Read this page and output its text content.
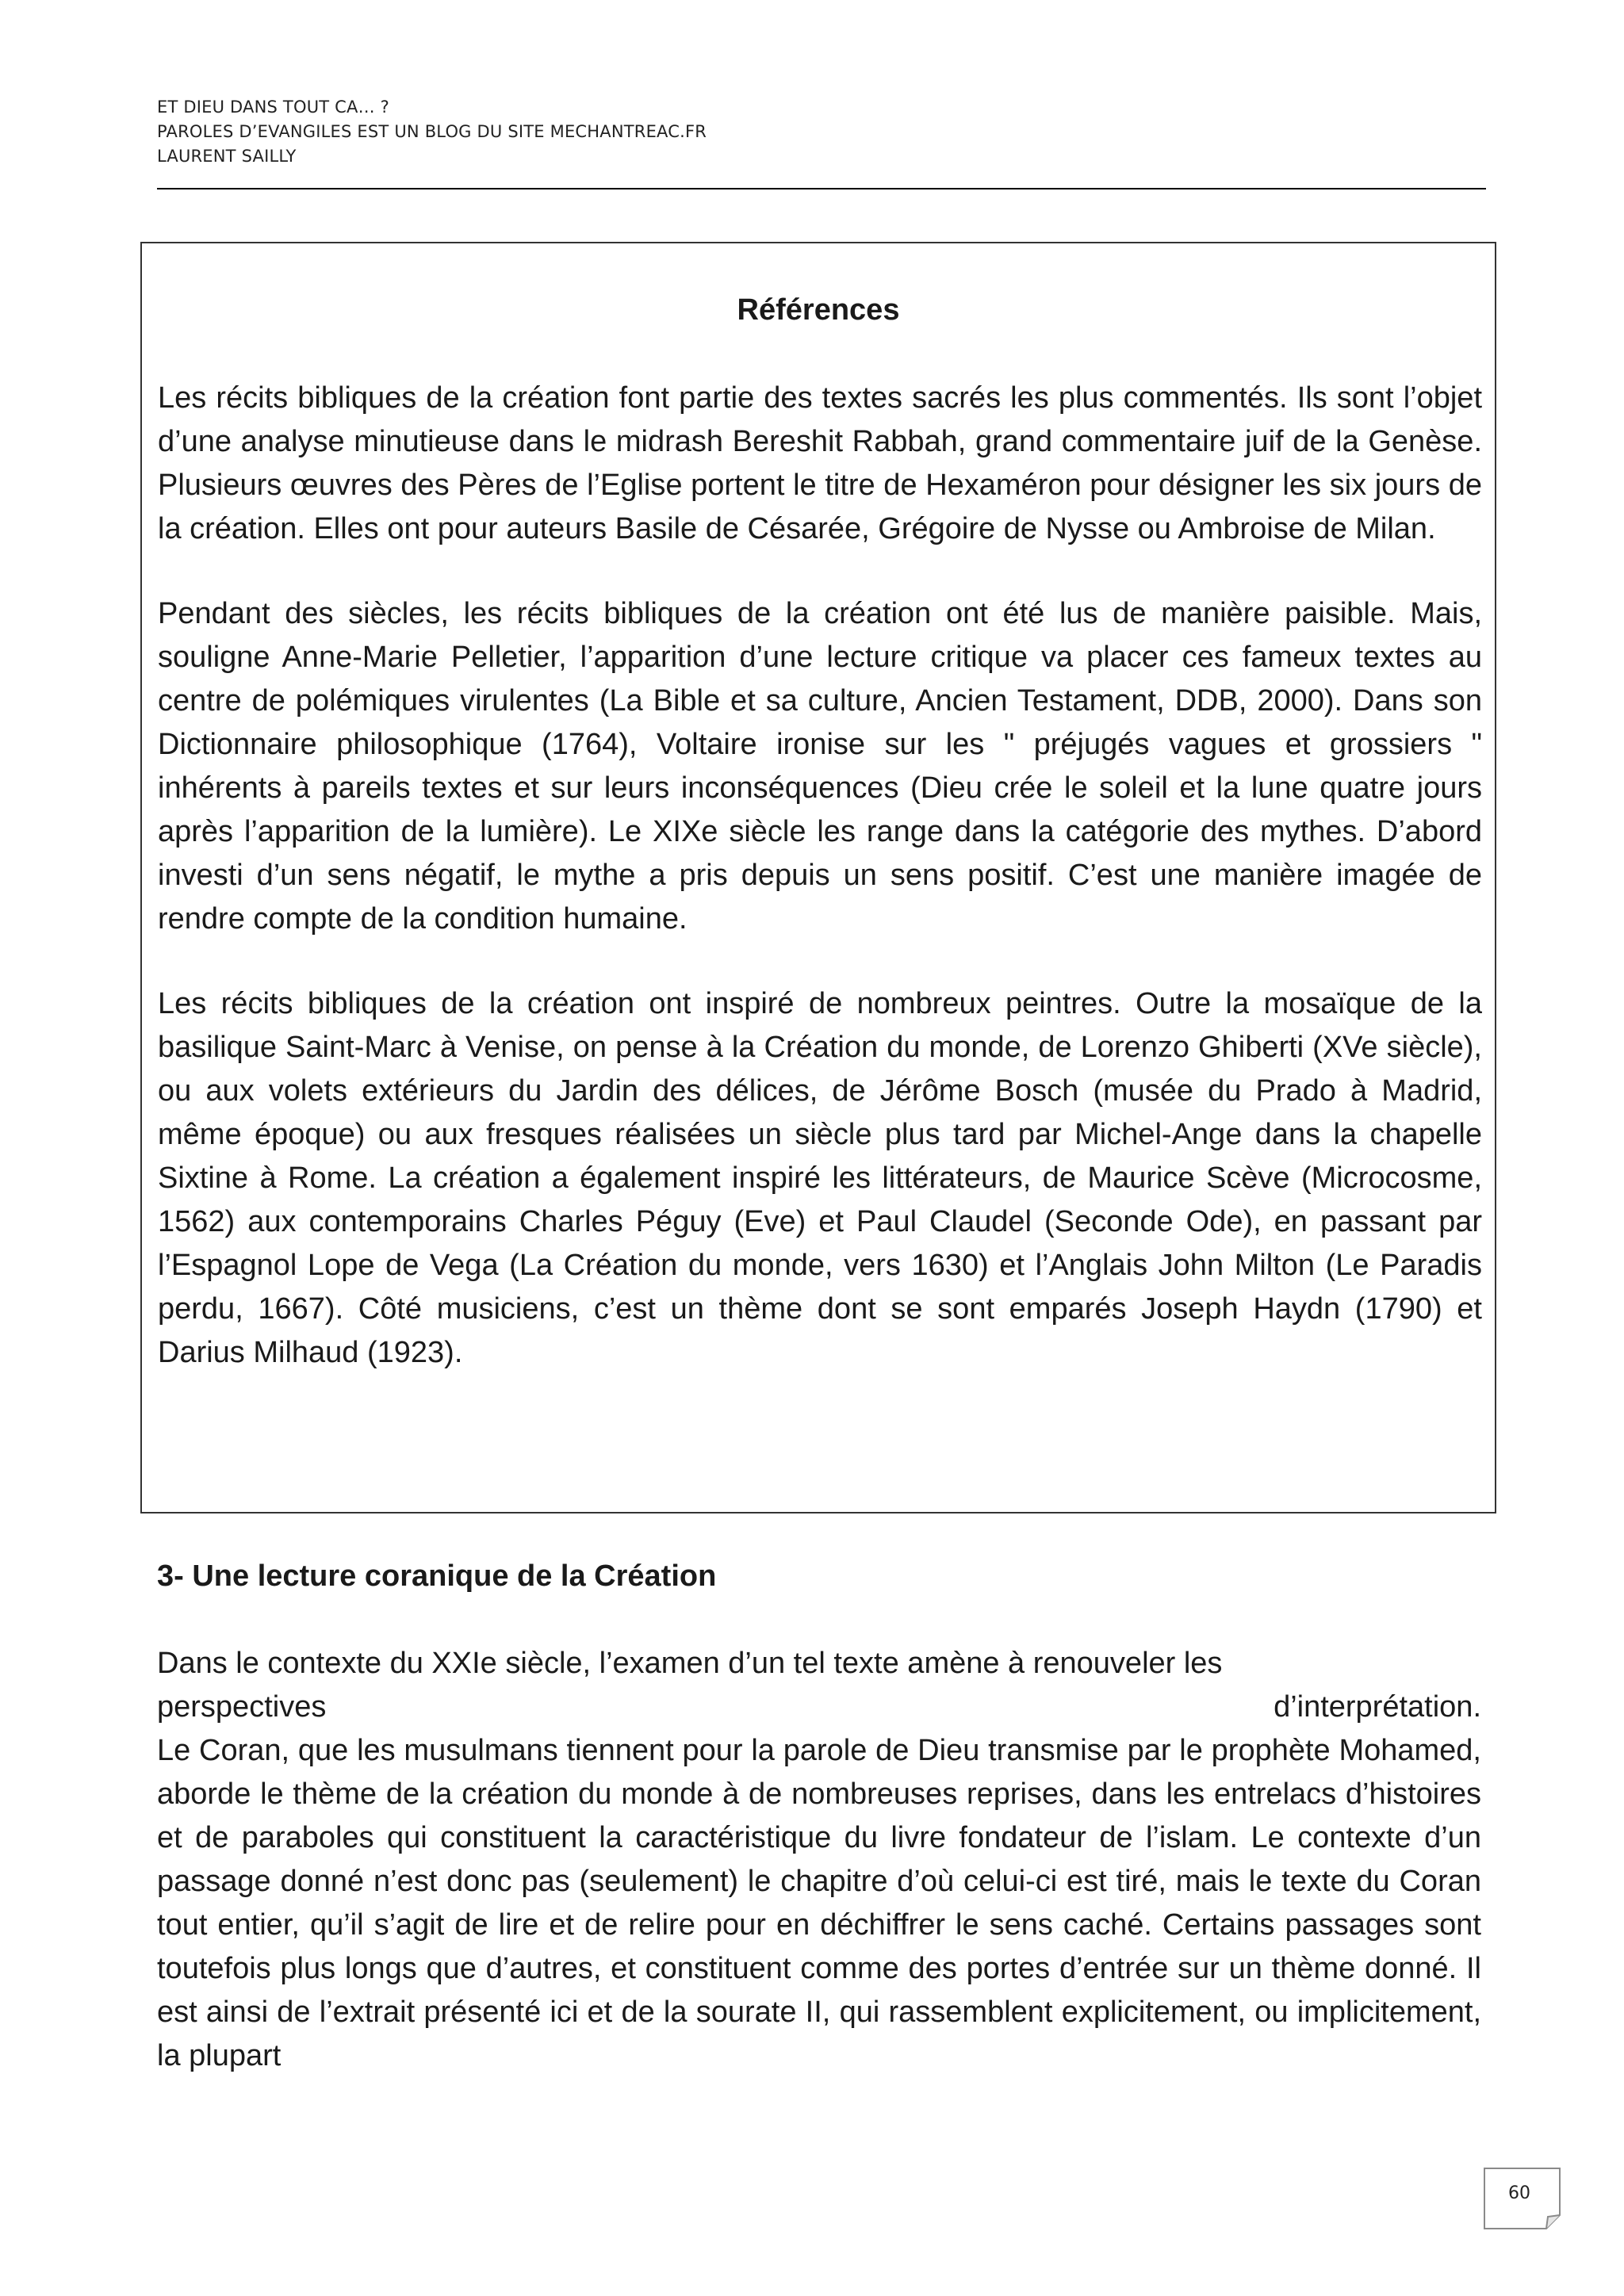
ET DIEU DANS TOUT CA… ?
PAROLES D’EVANGILES EST UN BLOG DU SITE MECHANTREAC.FR
LAURENT SAILLY
Références

Les récits bibliques de la création font partie des textes sacrés les plus commentés. Ils sont l’objet d’une analyse minutieuse dans le midrash Bereshit Rabbah, grand commentaire juif de la Genèse. Plusieurs œuvres des Pères de l’Eglise portent le titre de Hexaméron pour désigner les six jours de la création. Elles ont pour auteurs Basile de Césarée, Grégoire de Nysse ou Ambroise de Milan.

Pendant des siècles, les récits bibliques de la création ont été lus de manière paisible. Mais, souligne Anne-Marie Pelletier, l’apparition d’une lecture critique va placer ces fameux textes au centre de polémiques virulentes (La Bible et sa culture, Ancien Testament, DDB, 2000). Dans son Dictionnaire philosophique (1764), Voltaire ironise sur les " préjugés vagues et grossiers " inhérents à pareils textes et sur leurs inconséquences (Dieu crée le soleil et la lune quatre jours après l’apparition de la lumière). Le XIXe siècle les range dans la catégorie des mythes. D’abord investi d’un sens négatif, le mythe a pris depuis un sens positif. C’est une manière imagée de rendre compte de la condition humaine.

Les récits bibliques de la création ont inspiré de nombreux peintres. Outre la mosaïque de la basilique Saint-Marc à Venise, on pense à la Création du monde, de Lorenzo Ghiberti (XVe siècle), ou aux volets extérieurs du Jardin des délices, de Jérôme Bosch (musée du Prado à Madrid, même époque) ou aux fresques réalisées un siècle plus tard par Michel-Ange dans la chapelle Sixtine à Rome. La création a également inspiré les littérateurs, de Maurice Scève (Microcosme, 1562) aux contemporains Charles Péguy (Eve) et Paul Claudel (Seconde Ode), en passant par l’Espagnol Lope de Vega (La Création du monde, vers 1630) et l’Anglais John Milton (Le Paradis perdu, 1667). Côté musiciens, c’est un thème dont se sont emparés Joseph Haydn (1790) et Darius Milhaud (1923).

3- Une lecture coranique de la Création
Dans le contexte du XXIe siècle, l’examen d’un tel texte amène à renouveler les
perspectives	d’interprétation.

Le Coran, que les musulmans tiennent pour la parole de Dieu transmise par le prophète Mohamed, aborde le thème de la création du monde à de nombreuses reprises, dans les entrelacs d’histoires et de paraboles qui constituent la caractéristique du livre fondateur de l’islam. Le contexte d’un passage donné n’est donc pas (seulement) le chapitre d’où celui-ci est tiré, mais le texte du Coran tout entier, qu’il s’agit de lire et de relire pour en déchiffrer le sens caché. Certains passages sont toutefois plus longs que d’autres, et constituent comme des portes d’entrée sur un thème donné. Il est ainsi de l’extrait présenté ici et de la sourate II, qui rassemblent explicitement, ou implicitement, la plupart

60
